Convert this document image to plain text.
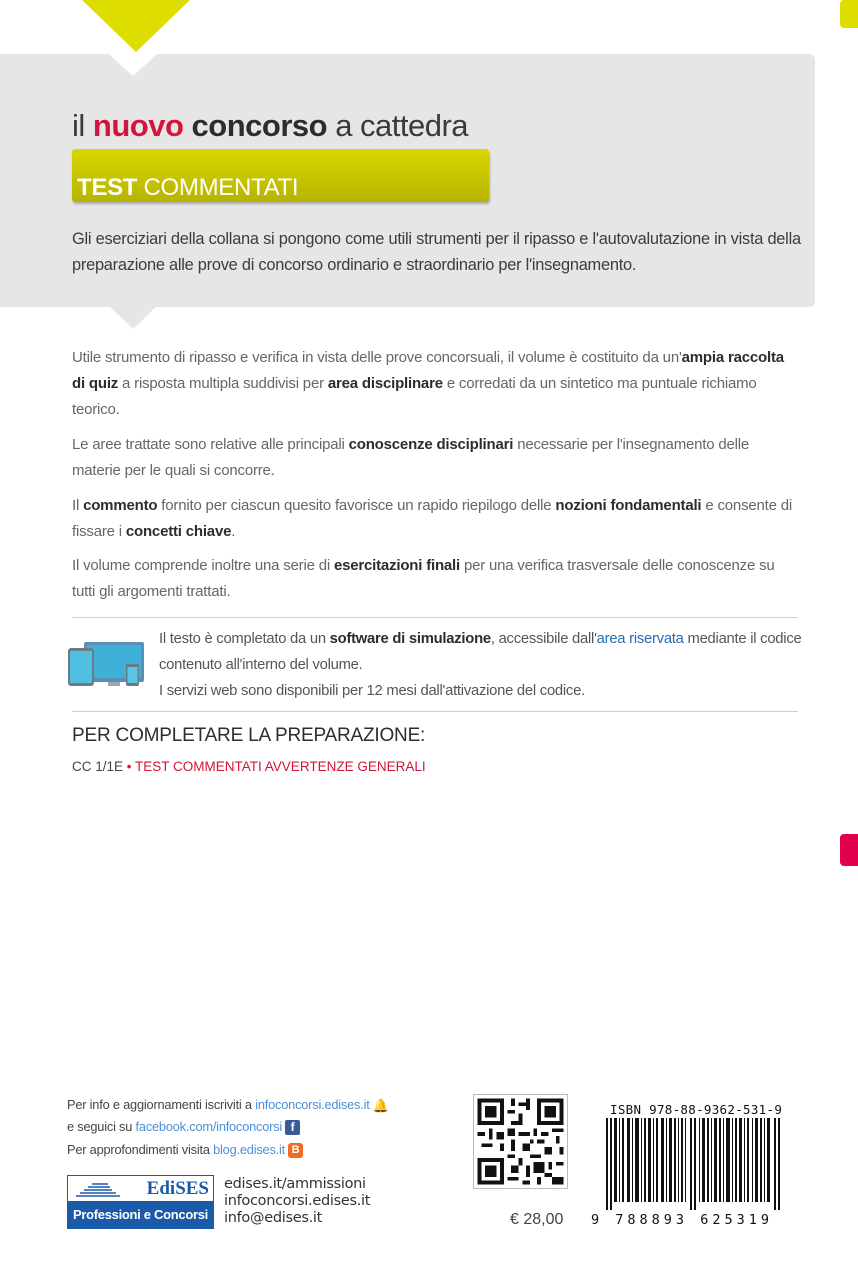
il nuovo concorso a cattedra
TEST COMMENTATI
Gli eserciziari della collana si pongono come utili strumenti per il ripasso e l'autovalutazione in vista della preparazione alle prove di concorso ordinario e straordinario per l'insegnamento.
Utile strumento di ripasso e verifica in vista delle prove concorsuali, il volume è costituito da un'ampia raccolta di quiz a risposta multipla suddivisi per area disciplinare e corredati da un sintetico ma puntuale richiamo teorico.
Le aree trattate sono relative alle principali conoscenze disciplinari necessarie per l'insegnamento delle materie per le quali si concorre.
Il commento fornito per ciascun quesito favorisce un rapido riepilogo delle nozioni fondamentali e consente di fissare i concetti chiave.
Il volume comprende inoltre una serie di esercitazioni finali per una verifica trasversale delle conoscenze su tutti gli argomenti trattati.
Il testo è completato da un software di simulazione, accessibile dall'area riservata mediante il codice contenuto all'interno del volume.
I servizi web sono disponibili per 12 mesi dall'attivazione del codice.
PER COMPLETARE LA PREPARAZIONE:
CC 1/1E • TEST COMMENTATI AVVERTENZE GENERALI
Per info e aggiornamenti iscriviti a infoconcorsi.edises.it 🔔
e seguici su facebook.com/infoconcorsi f
Per approfondimenti visita blog.edises.it B
EdiSES
Professioni e Concorsi
edises.it/ammissioni
infoconcorsi.edises.it
info@edises.it	€ 28,00
ISBN 978-88-9362-531-9
9 788893 625319
